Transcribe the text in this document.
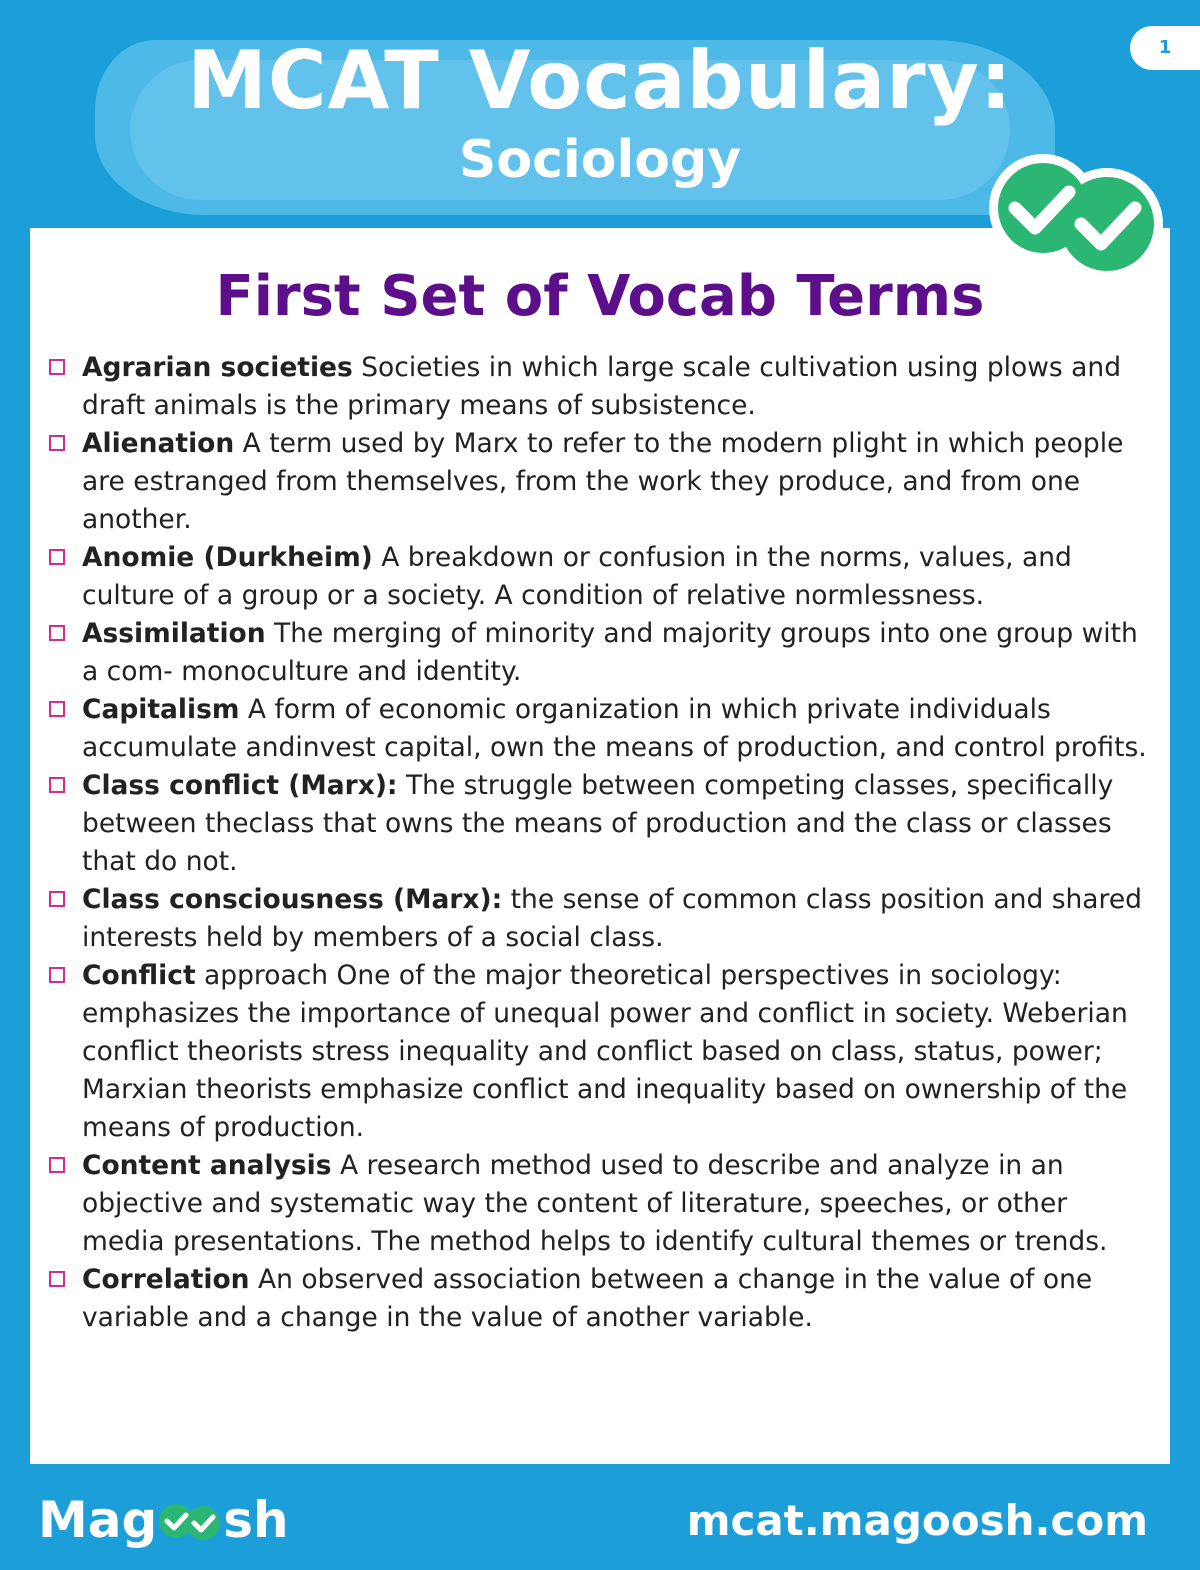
MCAT Vocabulary:
Sociology
1
First Set of Vocab Terms
Agrarian societies Societies in which large scale cultivation using plows and draft animals is the primary means of subsistence.
Alienation A term used by Marx to refer to the modern plight in which people are estranged from themselves, from the work they produce, and from one another.
Anomie (Durkheim) A breakdown or confusion in the norms, values, and culture of a group or a society. A condition of relative normlessness.
Assimilation The merging of minority and majority groups into one group with a com- monoculture and identity.
Capitalism A form of economic organization in which private individuals accumulate andinvest capital, own the means of production, and control profits.
Class conflict (Marx): The struggle between competing classes, specifically between theclass that owns the means of production and the class or classes that do not.
Class consciousness (Marx): the sense of common class position and shared interests held by members of a social class.
Conflict approach One of the major theoretical perspectives in sociology: emphasizes the importance of unequal power and conflict in society. Weberian conflict theorists stress inequality and conflict based on class, status, power; Marxian theorists emphasize conflict and inequality based on ownership of the means of production.
Content analysis A research method used to describe and analyze in an objective and systematic way the content of literature, speeches, or other media presentations. The method helps to identify cultural themes or trends.
Correlation An observed association between a change in the value of one variable and a change in the value of another variable.
Mag sh	mcat.magoosh.com
